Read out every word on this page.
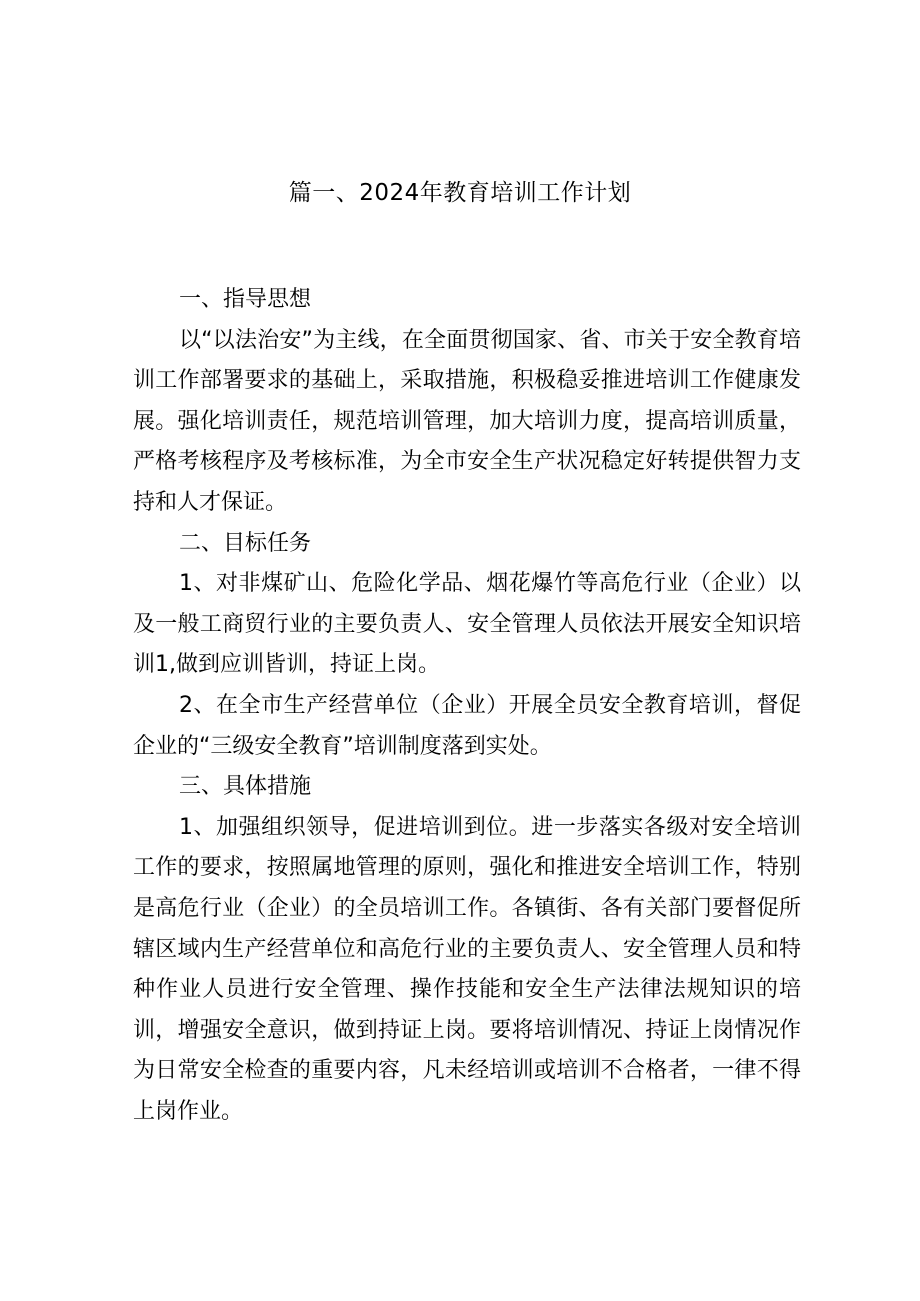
篇一、2024年教育培训工作计划

一、指导思想

以“以法治安”为主线，在全面贯彻国家、省、市关于安全教育培训工作部署要求的基础上，采取措施，积极稳妥推进培训工作健康发展。强化培训责任，规范培训管理，加大培训力度，提高培训质量，严格考核程序及考核标准，为全市安全生产状况稳定好转提供智力支持和人才保证。

二、目标任务

1、对非煤矿山、危险化学品、烟花爆竹等高危行业（企业）以及一般工商贸行业的主要负责人、安全管理人员依法开展安全知识培训1,做到应训皆训，持证上岗。

2、在全市生产经营单位（企业）开展全员安全教育培训，督促企业的“三级安全教育”培训制度落到实处。

三、具体措施

1、加强组织领导，促进培训到位。进一步落实各级对安全培训工作的要求，按照属地管理的原则，强化和推进安全培训工作，特别是高危行业（企业）的全员培训工作。各镇街、各有关部门要督促所辖区域内生产经营单位和高危行业的主要负责人、安全管理人员和特种作业人员进行安全管理、操作技能和安全生产法律法规知识的培训，增强安全意识，做到持证上岗。要将培训情况、持证上岗情况作为日常安全检查的重要内容，凡未经培训或培训不合格者，一律不得上岗作业。
